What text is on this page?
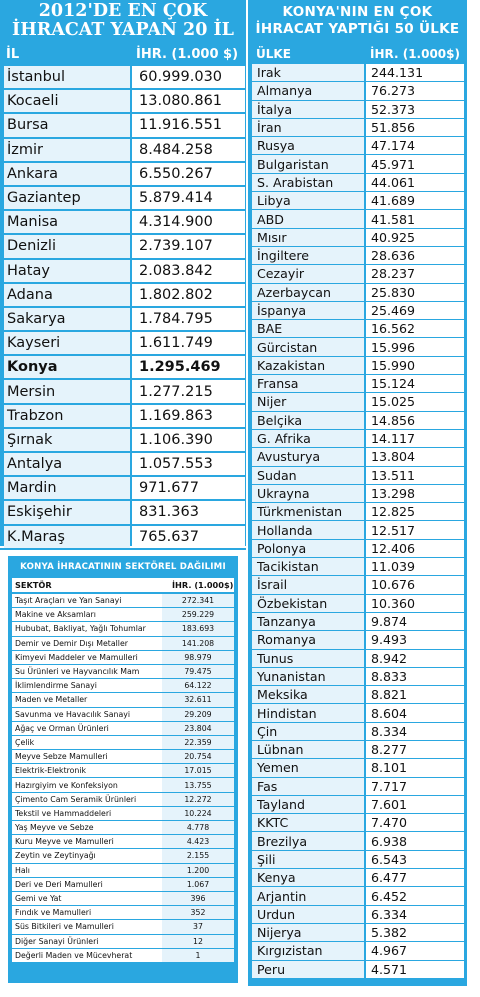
2012'DE EN ÇOK
İHRACAT YAPAN 20 İL
İL	İHR. (1.000 $)
İstanbul	60.999.030
Kocaeli	13.080.861
Bursa	11.916.551
İzmir	8.484.258
Ankara	6.550.267
Gaziantep	5.879.414
Manisa	4.314.900
Denizli	2.739.107
Hatay	2.083.842
Adana	1.802.802
Sakarya	1.784.795
Kayseri	1.611.749
Konya	1.295.469
Mersin	1.277.215
Trabzon	1.169.863
Şırnak	1.106.390
Antalya	1.057.553
Mardin	971.677
Eskişehir	831.363
K.Maraş	765.637
KONYA'NIN EN ÇOK
İHRACAT YAPTIĞI 50 ÜLKE
ÜLKE	İHR. (1.000$)
Irak	244.131
Almanya	76.273
İtalya	52.373
İran	51.856
Rusya	47.174
Bulgaristan	45.971
S. Arabistan	44.061
Libya	41.689
ABD	41.581
Mısır	40.925
İngiltere	28.636
Cezayir	28.237
Azerbaycan	25.830
İspanya	25.469
BAE	16.562
Gürcistan	15.996
Kazakistan	15.990
Fransa	15.124
Nijer	15.025
Belçika	14.856
G. Afrika	14.117
Avusturya	13.804
Sudan	13.511
Ukrayna	13.298
Türkmenistan	12.825
Hollanda	12.517
Polonya	12.406
Tacikistan	11.039
İsrail	10.676
Özbekistan	10.360
Tanzanya	9.874
Romanya	9.493
Tunus	8.942
Yunanistan	8.833
Meksika	8.821
Hindistan	8.604
Çin	8.334
Lübnan	8.277
Yemen	8.101
Fas	7.717
Tayland	7.601
KKTC	7.470
Brezilya	6.938
Şili	6.543
Kenya	6.477
Arjantin	6.452
Urdun	6.334
Nijerya	5.382
Kırgızistan	4.967
Peru	4.571
KONYA İHRACATININ SEKTÖREL DAĞILIMI
SEKTÖR	İHR. (1.000$)
Taşıt Araçları ve Yan Sanayi	272.341
Makine ve Aksamları	259.229
Hububat, Bakliyat, Yağlı Tohumlar	183.693
Demir ve Demir Dışı Metaller	141.208
Kimyevi Maddeler ve Mamulleri	98.979
Su Ürünleri ve Hayvancılık Mam	79.475
İklimlendirme Sanayi	64.122
Maden ve Metaller	32.611
Savunma ve Havacılık Sanayi	29.209
Ağaç ve Orman Ürünleri	23.804
Çelik	22.359
Meyve Sebze Mamulleri	20.754
Elektrik-Elektronik	17.015
Hazırgiyim ve Konfeksiyon	13.755
Çimento Cam Seramik Ürünleri	12.272
Tekstil ve Hammaddeleri	10.224
Yaş Meyve ve Sebze	4.778
Kuru Meyve ve Mamulleri	4.423
Zeytin ve Zeytinyağı	2.155
Halı	1.200
Deri ve Deri Mamulleri	1.067
Gemi ve Yat	396
Fındık ve Mamulleri	352
Süs Bitkileri ve Mamulleri	37
Diğer Sanayi Ürünleri	12
Değerli Maden ve Mücevherat	1
